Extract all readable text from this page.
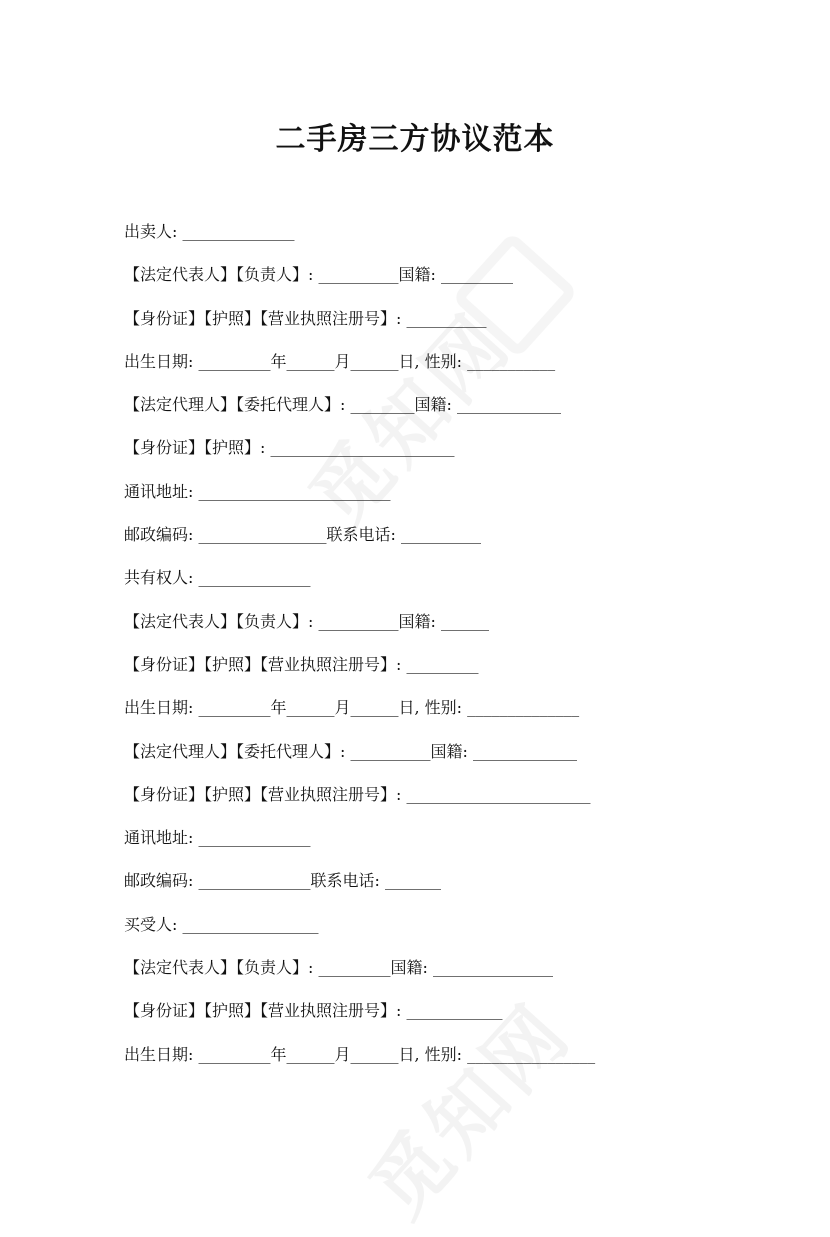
二手房三方协议范本
出卖人: ______________
【法定代表人】【负责人】: __________国籍: _________
【身份证】【护照】【营业执照注册号】: __________
出生日期: _________年______月______日, 性别: ___________
【法定代理人】【委托代理人】: ________国籍: _____________
【身份证】【护照】: _______________________
通讯地址: ________________________
邮政编码: ________________联系电话: __________
共有权人: ______________
【法定代表人】【负责人】: __________国籍: ______
【身份证】【护照】【营业执照注册号】: _________
出生日期: _________年______月______日, 性别: ______________
【法定代理人】【委托代理人】: __________国籍: _____________
【身份证】【护照】【营业执照注册号】: _______________________
通讯地址: ______________
邮政编码: ______________联系电话: _______
买受人: _________________
【法定代表人】【负责人】: _________国籍: _______________
【身份证】【护照】【营业执照注册号】: ____________
出生日期: _________年______月______日, 性别: ________________
